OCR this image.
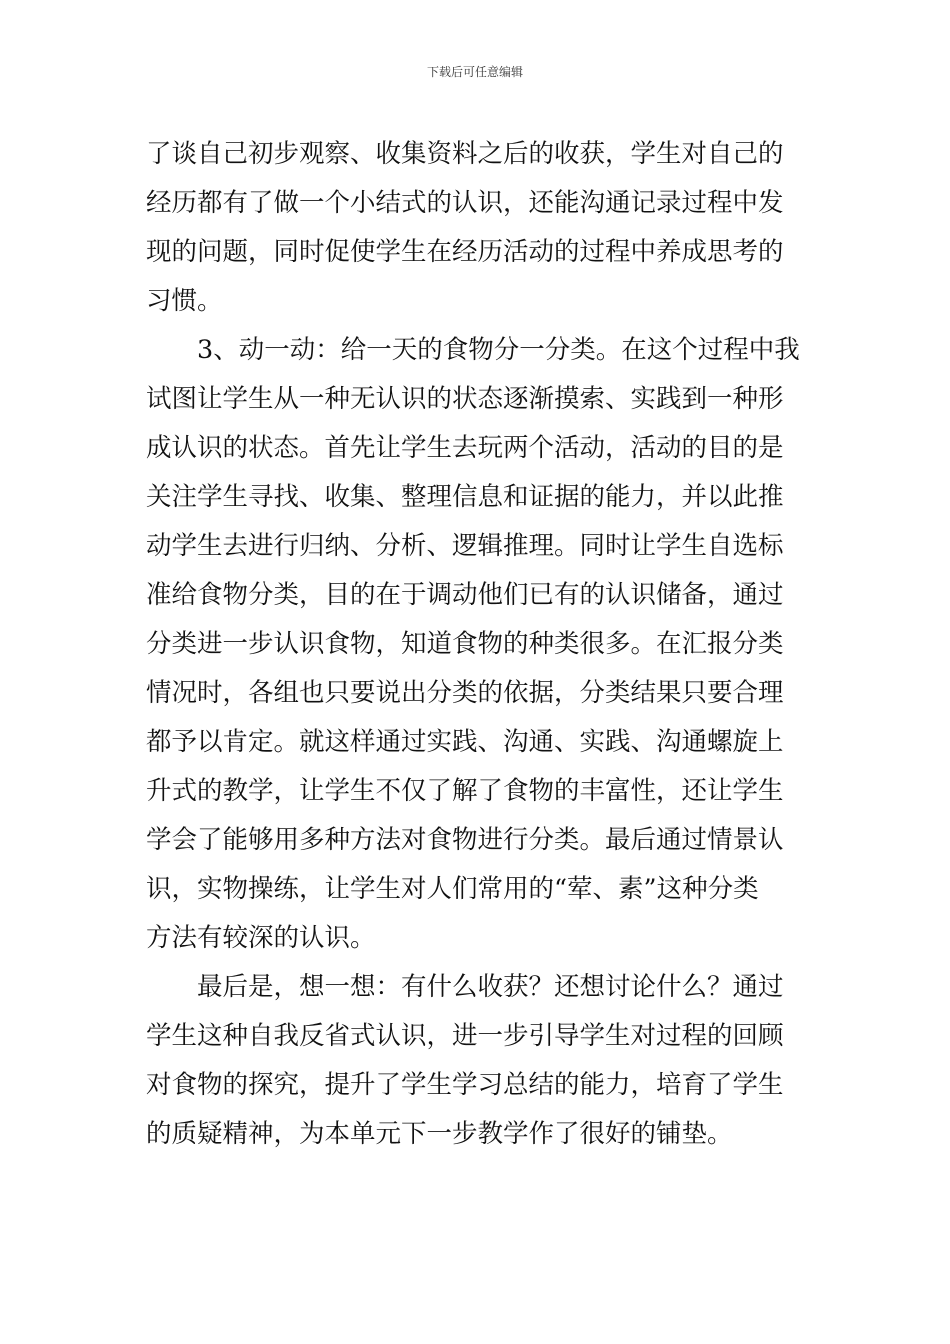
下载后可任意编辑
了谈自己初步观察、收集资料之后的收获，学生对自己的
经历都有了做一个小结式的认识，还能沟通记录过程中发
现的问题，同时促使学生在经历活动的过程中养成思考的
习惯。
　　3、动一动：给一天的食物分一分类。在这个过程中我
试图让学生从一种无认识的状态逐渐摸索、实践到一种形
成认识的状态。首先让学生去玩两个活动，活动的目的是
关注学生寻找、收集、整理信息和证据的能力，并以此推
动学生去进行归纳、分析、逻辑推理。同时让学生自选标
准给食物分类，目的在于调动他们已有的认识储备，通过
分类进一步认识食物，知道食物的种类很多。在汇报分类
情况时，各组也只要说出分类的依据，分类结果只要合理
都予以肯定。就这样通过实践、沟通、实践、沟通螺旋上
升式的教学，让学生不仅了解了食物的丰富性，还让学生
学会了能够用多种方法对食物进行分类。最后通过情景认
识，实物操练，让学生对人们常用的“荤、素”这种分类
方法有较深的认识。
　　最后是，想一想：有什么收获？还想讨论什么？通过
学生这种自我反省式认识，进一步引导学生对过程的回顾
对食物的探究，提升了学生学习总结的能力，培育了学生
的质疑精神，为本单元下一步教学作了很好的铺垫。
